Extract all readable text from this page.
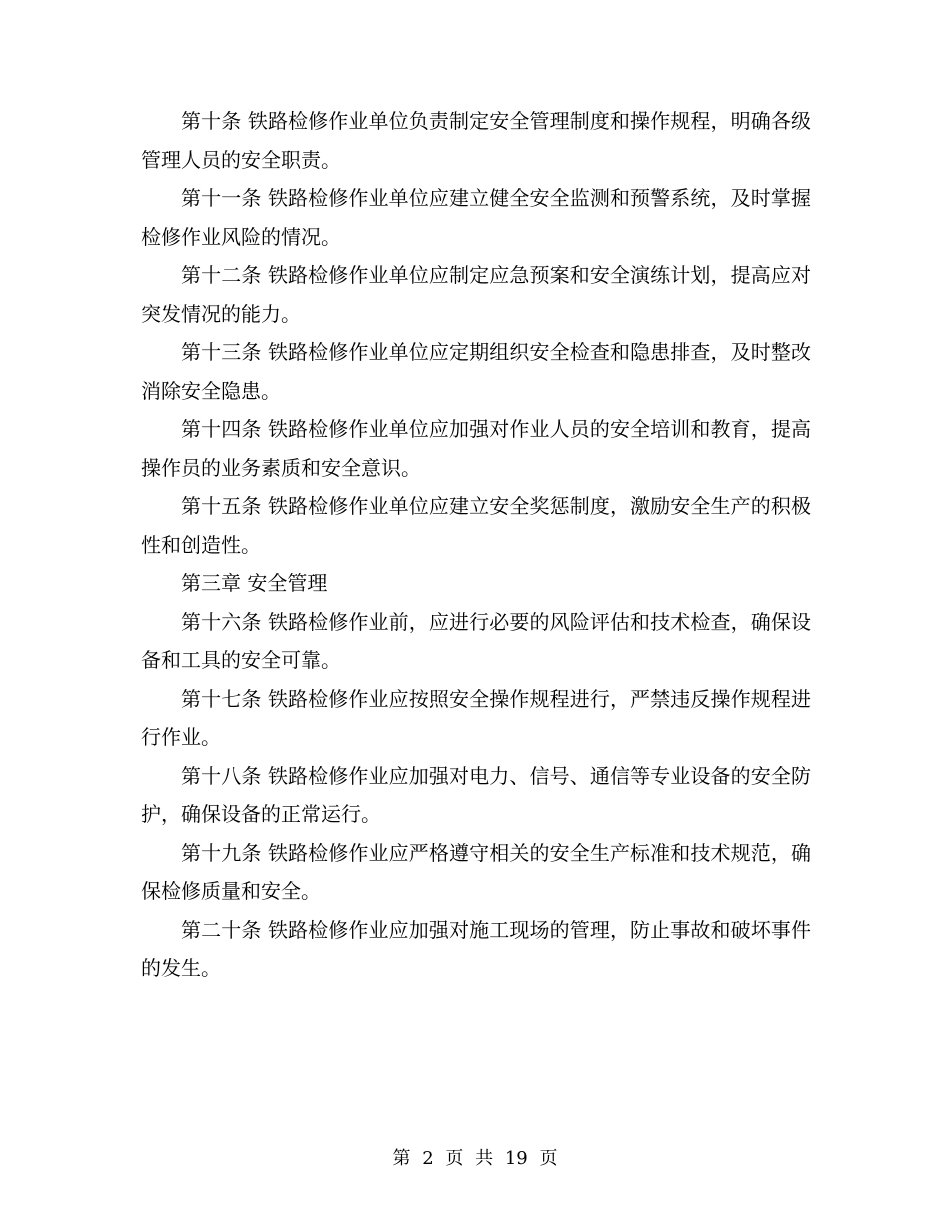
第十条 铁路检修作业单位负责制定安全管理制度和操作规程，明确各级管理人员的安全职责。

第十一条 铁路检修作业单位应建立健全安全监测和预警系统，及时掌握检修作业风险的情况。

第十二条 铁路检修作业单位应制定应急预案和安全演练计划，提高应对突发情况的能力。

第十三条 铁路检修作业单位应定期组织安全检查和隐患排查，及时整改消除安全隐患。

第十四条 铁路检修作业单位应加强对作业人员的安全培训和教育，提高操作员的业务素质和安全意识。

第十五条 铁路检修作业单位应建立安全奖惩制度，激励安全生产的积极性和创造性。

第三章 安全管理

第十六条 铁路检修作业前，应进行必要的风险评估和技术检查，确保设备和工具的安全可靠。

第十七条 铁路检修作业应按照安全操作规程进行，严禁违反操作规程进行作业。

第十八条 铁路检修作业应加强对电力、信号、通信等专业设备的安全防护，确保设备的正常运行。

第十九条 铁路检修作业应严格遵守相关的安全生产标准和技术规范，确保检修质量和安全。

第二十条 铁路检修作业应加强对施工现场的管理，防止事故和破坏事件的发生。

第 2 页 共 19 页
